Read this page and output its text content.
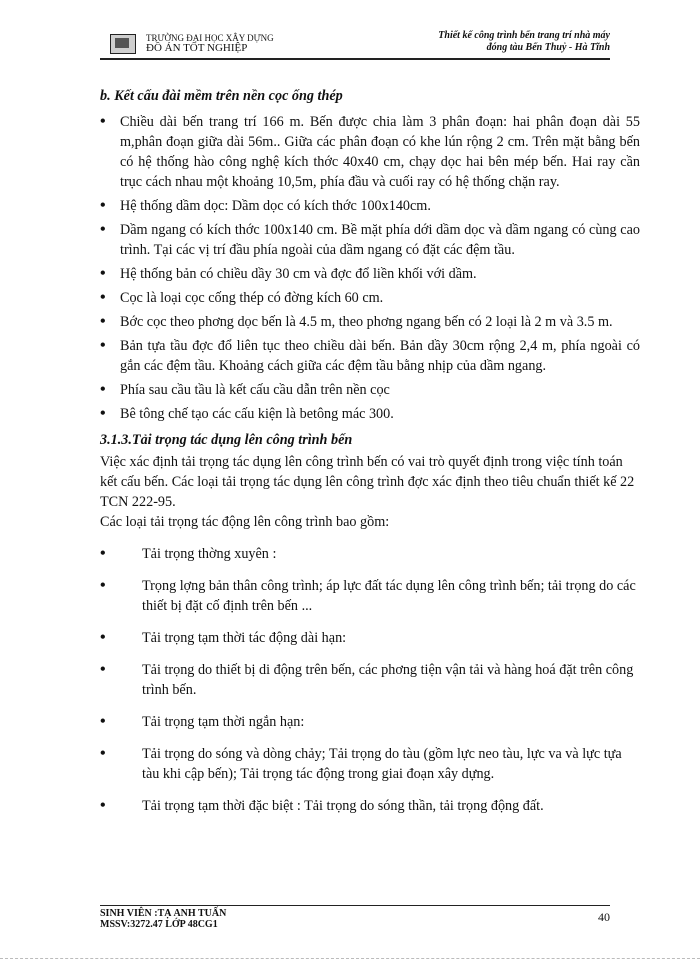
TRƯỜNG ĐẠI HỌC XÂY DỰNG
ĐỒ ÁN TỐT NGHIỆP
Thiết kế công trình bến trang trí nhà máy
đóng tàu Bến Thuỷ - Hà Tĩnh
b. Kết cấu đài mềm trên nền cọc ống thép
• Chiều dài bến trang trí 166 m. Bến được chia làm 3 phân đoạn: hai phân đoạn dài 55 m,phân đoạn giữa dài 56m.. Giữa các phân đoạn có khe lún rộng 2 cm. Trên mặt bằng bến có hệ thống hào công nghệ kích thớc 40x40 cm, chạy dọc hai bên mép bến. Hai ray cần trục cách nhau một khoảng 10,5m, phía đầu và cuối ray có hệ thống chặn ray.
• Hệ thống dầm dọc: Dầm dọc có kích thớc 100x140cm.
• Dầm ngang có kích thớc 100x140 cm. Bề mặt phía dới dầm dọc và dầm ngang có cùng cao trình. Tại các vị trí đầu phía ngoài của dầm ngang có đặt các đệm tầu.
• Hệ thống bản có chiều dầy 30 cm và đợc đổ liền khối với dầm.
• Cọc là loại cọc cống thép có đờng kích 60 cm.
• Bớc cọc theo phơng dọc bến là 4.5 m, theo phơng ngang bến có 2 loại là 2 m và 3.5 m.
• Bản tựa tầu đợc đổ liên tục theo chiều dài bến. Bản dầy 30cm rộng 2,4 m, phía ngoài có gắn các đệm tầu. Khoảng cách giữa các đệm tầu bằng nhịp của dầm ngang.
• Phía sau cầu tầu là kết cấu cầu dẫn trên nền cọc
• Bê tông chế tạo các cấu kiện là betông mác 300.
3.1.3.Tải trọng tác dụng lên công trình bến

Việc xác định tải trọng tác dụng lên công trình bến có vai trò quyết định trong việc tính toán kết cấu bến. Các loại tải trọng tác dụng lên công trình đợc xác định theo tiêu chuẩn thiết kế 22 TCN 222-95.

Các loại tải trọng tác động lên công trình bao gồm:

• Tải trọng thờng xuyên :
• Trọng lợng bản thân công trình; áp lực đất tác dụng lên công trình bến; tải trọng do các thiết bị đặt cố định trên bến ...
• Tải trọng tạm thời tác động dài hạn:
• Tải trọng do thiết bị di động trên bến, các phơng tiện vận tải và hàng hoá đặt trên công trình bến.
• Tải trọng tạm thời ngắn hạn:
• Tải trọng do sóng và dòng chảy; Tải trọng do tàu (gồm lực neo tàu, lực va và lực tựa tàu khi cập bến); Tải trọng tác động trong giai đoạn xây dựng.
• Tải trọng tạm thời đặc biệt : Tải trọng do sóng thần, tải trọng động đất.
SINH VIÊN :TẠ ANH TUẤN
MSSV:3272.47 LỚP 48CG1
40
